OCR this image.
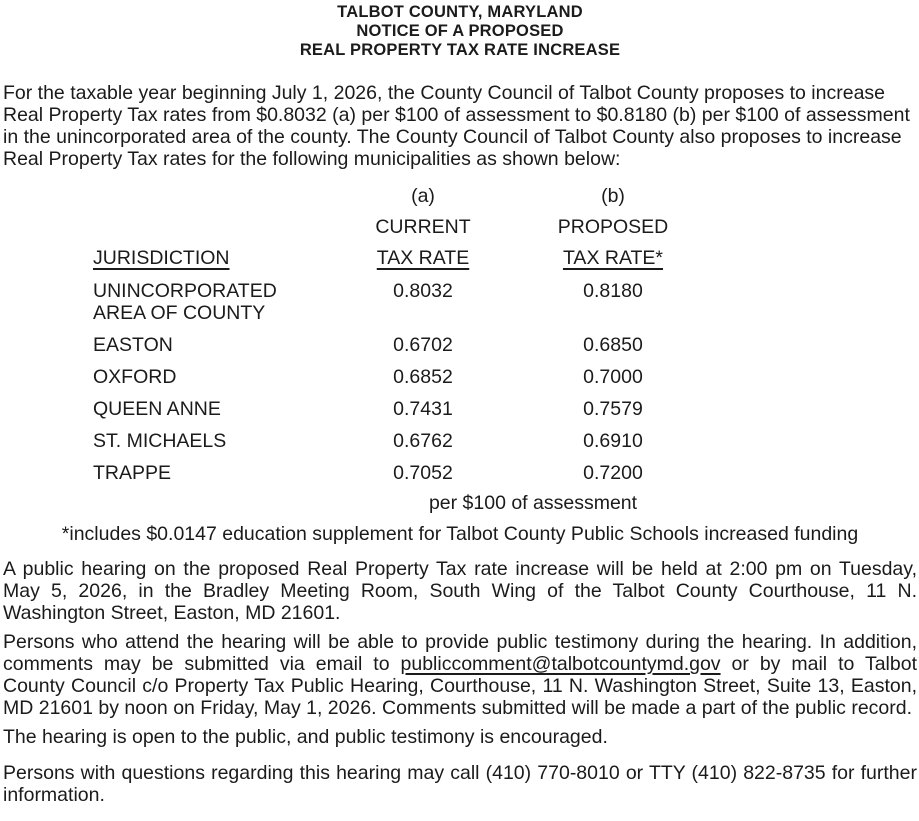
TALBOT COUNTY, MARYLAND
NOTICE OF A PROPOSED
REAL PROPERTY TAX RATE INCREASE

For the taxable year beginning July 1, 2026, the County Council of Talbot County proposes to increase Real Property Tax rates from $0.8032 (a) per $100 of assessment to $0.8180 (b) per $100 of assessment in the unincorporated area of the county. The County Council of Talbot County also proposes to increase Real Property Tax rates for the following municipalities as shown below:

	(a)	(b)
	CURRENT	PROPOSED
JURISDICTION	TAX RATE	TAX RATE*
UNINCORPORATED AREA OF COUNTY	0.8032	0.8180
EASTON	0.6702	0.6850
OXFORD	0.6852	0.7000
QUEEN ANNE	0.7431	0.7579
ST. MICHAELS	0.6762	0.6910
TRAPPE	0.7052	0.7200
per $100 of assessment
*includes $0.0147 education supplement for Talbot County Public Schools increased funding

A public hearing on the proposed Real Property Tax rate increase will be held at 2:00 pm on Tuesday, May 5, 2026, in the Bradley Meeting Room, South Wing of the Talbot County Courthouse, 11 N. Washington Street, Easton, MD 21601.

Persons who attend the hearing will be able to provide public testimony during the hearing. In addition, comments may be submitted via email to publiccomment@talbotcountymd.gov or by mail to Talbot County Council c/o Property Tax Public Hearing, Courthouse, 11 N. Washington Street, Suite 13, Easton, MD 21601 by noon on Friday, May 1, 2026. Comments submitted will be made a part of the public record.

The hearing is open to the public, and public testimony is encouraged.

Persons with questions regarding this hearing may call (410) 770-8010 or TTY (410) 822-8735 for further information.
